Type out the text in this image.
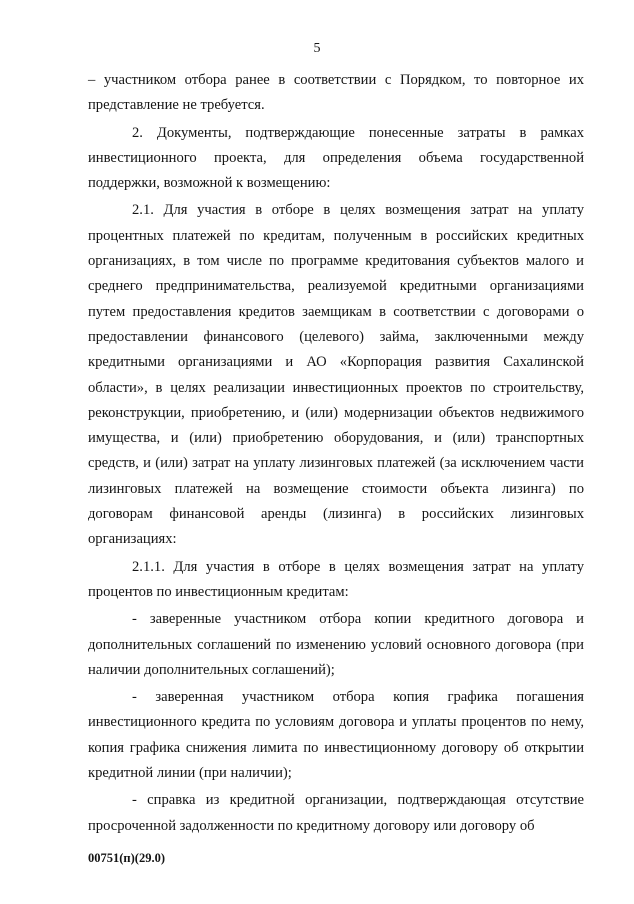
5

– участником отбора ранее в соответствии с Порядком, то повторное их представление не требуется.

2. Документы, подтверждающие понесенные затраты в рамках инвестиционного проекта, для определения объема государственной поддержки, возможной к возмещению:

2.1. Для участия в отборе в целях возмещения затрат на уплату процентных платежей по кредитам, полученным в российских кредитных организациях, в том числе по программе кредитования субъектов малого и среднего предпринимательства, реализуемой кредитными организациями путем предоставления кредитов заемщикам в соответствии с договорами о предоставлении финансового (целевого) займа, заключенными между кредитными организациями и АО «Корпорация развития Сахалинской области», в целях реализации инвестиционных проектов по строительству, реконструкции, приобретению, и (или) модернизации объектов недвижимого имущества, и (или) приобретению оборудования, и (или) транспортных средств, и (или) затрат на уплату лизинговых платежей (за исключением части лизинговых платежей на возмещение стоимости объекта лизинга) по договорам финансовой аренды (лизинга) в российских лизинговых организациях:

2.1.1. Для участия в отборе в целях возмещения затрат на уплату процентов по инвестиционным кредитам:

- заверенные участником отбора копии кредитного договора и дополнительных соглашений по изменению условий основного договора (при наличии дополнительных соглашений);

- заверенная участником отбора копия графика погашения инвестиционного кредита по условиям договора и уплаты процентов по нему, копия графика снижения лимита по инвестиционному договору об открытии кредитной линии (при наличии);

- справка из кредитной организации, подтверждающая отсутствие просроченной задолженности по кредитному договору или договору об

00751(п)(29.0)
